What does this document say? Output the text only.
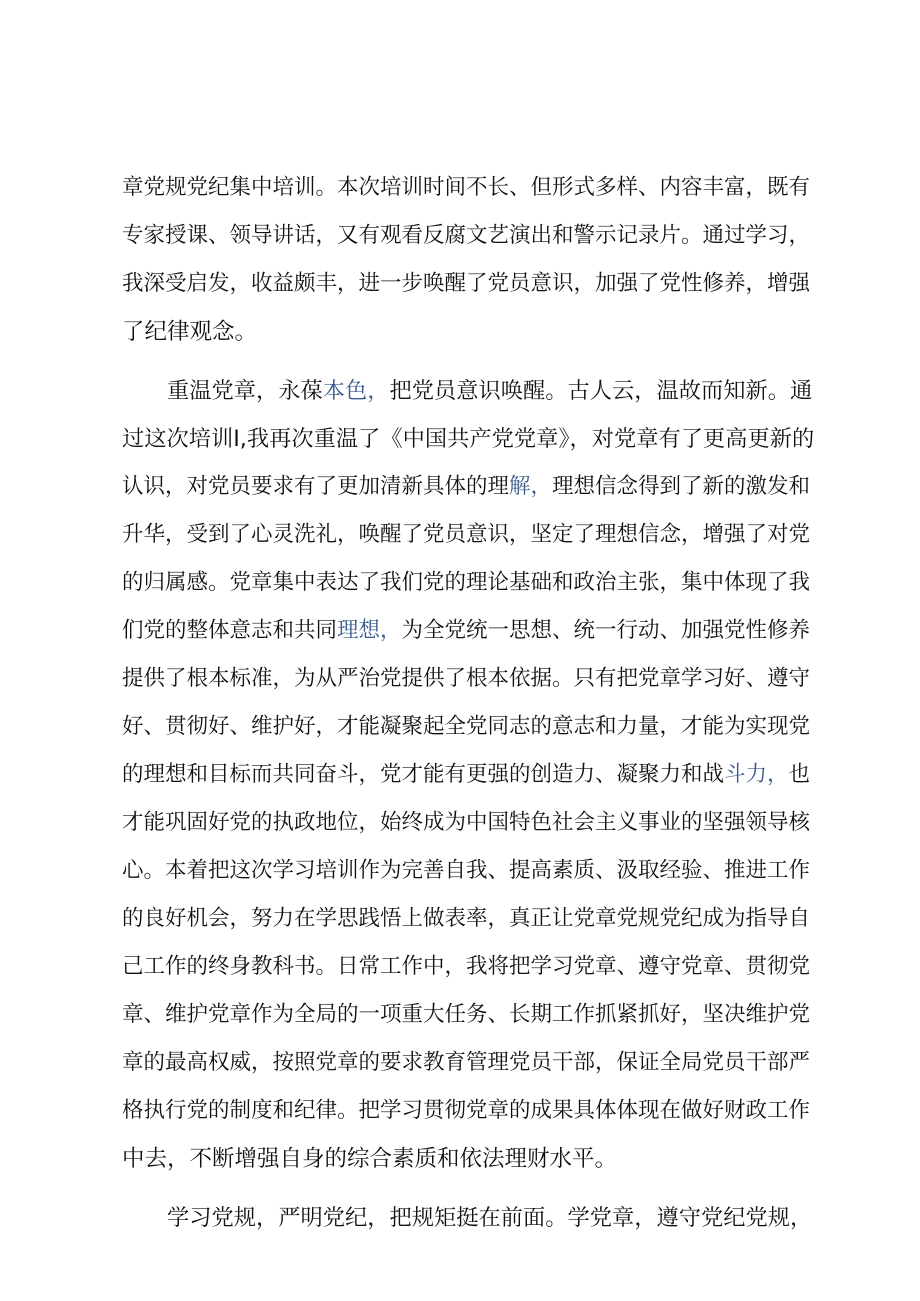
章党规党纪集中培训。本次培训时间不长、但形式多样、内容丰富，既有
专家授课、领导讲话，又有观看反腐文艺演出和警示记录片。通过学习，
我深受启发，收益颇丰，进一步唤醒了党员意识，加强了党性修养，增强
了纪律观念。
重温党章，永葆本色，把党员意识唤醒。古人云，温故而知新。通
过这次培训I,我再次重温了《中国共产党党章》，对党章有了更高更新的
认识，对党员要求有了更加清新具体的理解，理想信念得到了新的激发和
升华，受到了心灵洗礼，唤醒了党员意识，坚定了理想信念，增强了对党
的归属感。党章集中表达了我们党的理论基础和政治主张，集中体现了我
们党的整体意志和共同理想，为全党统一思想、统一行动、加强党性修养
提供了根本标准，为从严治党提供了根本依据。只有把党章学习好、遵守
好、贯彻好、维护好，才能凝聚起全党同志的意志和力量，才能为实现党
的理想和目标而共同奋斗，党才能有更强的创造力、凝聚力和战斗力，也
才能巩固好党的执政地位，始终成为中国特色社会主义事业的坚强领导核
心。本着把这次学习培训作为完善自我、提高素质、汲取经验、推进工作
的良好机会，努力在学思践悟上做表率，真正让党章党规党纪成为指导自
己工作的终身教科书。日常工作中，我将把学习党章、遵守党章、贯彻党
章、维护党章作为全局的一项重大任务、长期工作抓紧抓好，坚决维护党
章的最高权威，按照党章的要求教育管理党员干部，保证全局党员干部严
格执行党的制度和纪律。把学习贯彻党章的成果具体体现在做好财政工作
中去，不断增强自身的综合素质和依法理财水平。
学习党规，严明党纪，把规矩挺在前面。学党章，遵守党纪党规，
